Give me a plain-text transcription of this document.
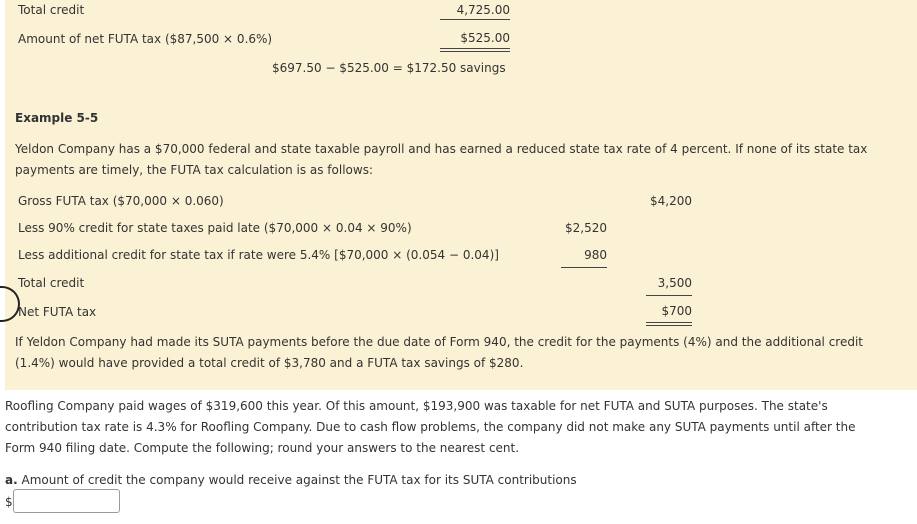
Total credit	4,725.00
Amount of net FUTA tax ($87,500 × 0.6%)	$525.00
$697.50 − $525.00 = $172.50 savings
Example 5-5
Yeldon Company has a $70,000 federal and state taxable payroll and has earned a reduced state tax rate of 4 percent. If none of its state tax payments are timely, the FUTA tax calculation is as follows:
Gross FUTA tax ($70,000 × 0.060)	$4,200
Less 90% credit for state taxes paid late ($70,000 × 0.04 × 90%)	$2,520
Less additional credit for state tax if rate were 5.4% [$70,000 × (0.054 − 0.04)]	980
Total credit	3,500
Net FUTA tax	$700
If Yeldon Company had made its SUTA payments before the due date of Form 940, the credit for the payments (4%) and the additional credit (1.4%) would have provided a total credit of $3,780 and a FUTA tax savings of $280.
Roofling Company paid wages of $319,600 this year. Of this amount, $193,900 was taxable for net FUTA and SUTA purposes. The state's contribution tax rate is 4.3% for Roofling Company. Due to cash flow problems, the company did not make any SUTA payments until after the Form 940 filing date. Compute the following; round your answers to the nearest cent.
a. Amount of credit the company would receive against the FUTA tax for its SUTA contributions
$
